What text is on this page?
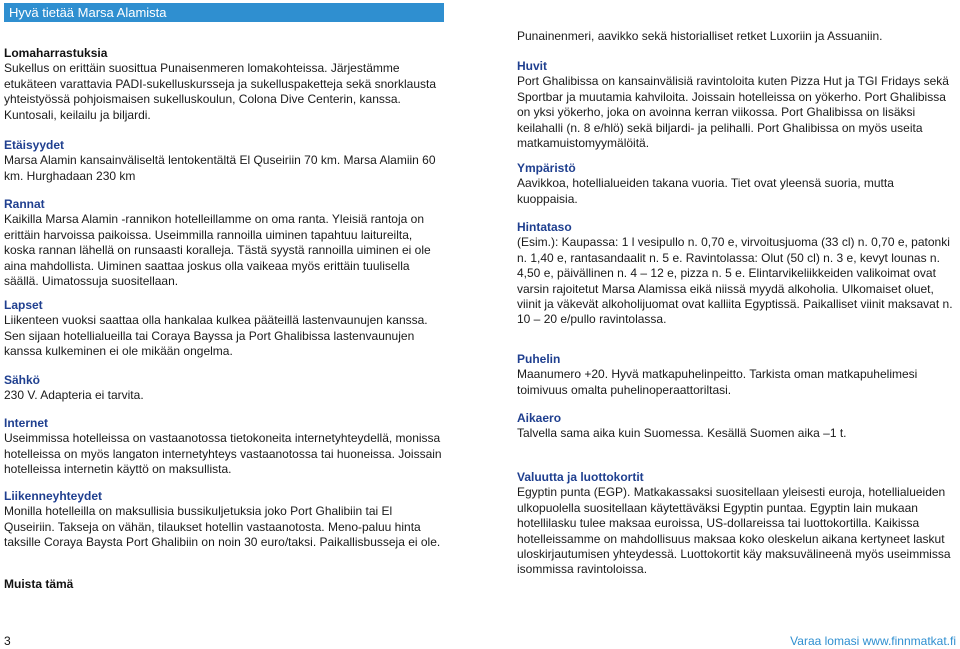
Hyvä tietää Marsa Alamista
Lomaharrastuksia

Sukellus on erittäin suosittua Punaisenmeren lomakohteissa. Järjestämme etukäteen varattavia PADI-sukelluskursseja ja sukelluspaketteja sekä snorklausta yhteistyössä pohjoismaisen sukelluskoulun, Colona Dive Centerin, kanssa. Kuntosali, keilailu ja biljardi.

Etäisyydet

Marsa Alamin kansainväliseltä lentokentältä El Quseiriin 70 km. Marsa Alamiin 60 km. Hurghadaan 230 km

Rannat

Kaikilla Marsa Alamin -rannikon hotelleillamme on oma ranta. Yleisiä rantoja on erittäin harvoissa paikoissa. Useimmilla rannoilla uiminen tapahtuu laitureilta, koska rannan lähellä on runsaasti koralleja. Tästä syystä rannoilla uiminen ei ole aina mahdollista. Uiminen saattaa joskus olla vaikeaa myös erittäin tuulisella säällä. Uimatossuja suositellaan.

Lapset

Liikenteen vuoksi saattaa olla hankalaa kulkea pääteillä lastenvaunujen kanssa. Sen sijaan hotellialueilla tai Coraya Bayssa ja Port Ghalibissa lastenvaunujen kanssa kulkeminen ei ole mikään ongelma.

Sähkö

230 V. Adapteria ei tarvita.

Internet

Useimmissa hotelleissa on vastaanotossa tietokoneita internetyhteydellä, monissa hotelleissa on myös langaton internetyhteys vastaanotossa tai huoneissa. Joissain hotelleissa internetin käyttö on maksullista.

Liikenneyhteydet

Monilla hotelleilla on maksullisia bussikuljetuksia joko Port Ghalibiin tai El Quseiriin. Takseja on vähän, tilaukset hotellin vastaanotosta. Meno-paluu hinta taksille Coraya Baysta Port Ghalibiin on noin 30 euro/taksi. Paikallisbusseja ei ole.

Muista tämä

Punainenmeri, aavikko sekä historialliset retket Luxoriin ja Assuaniin.

Huvit

Port Ghalibissa on kansainvälisiä ravintoloita kuten Pizza Hut ja TGI Fridays sekä Sportbar ja muutamia kahviloita. Joissain hotelleissa on yökerho. Port Ghalibissa on yksi yökerho, joka on avoinna kerran viikossa. Port Ghalibissa on lisäksi keilahalli (n. 8 e/hlö) sekä biljardi- ja pelihalli. Port Ghalibissa on myös useita matkamuistomyymälöitä.

Ympäristö

Aavikkoa, hotellialueiden takana vuoria. Tiet ovat yleensä suoria, mutta kuoppaisia.

Hintataso

(Esim.): Kaupassa: 1 l vesipullo n. 0,70 e, virvoitusjuoma (33 cl) n. 0,70 e, patonki n. 1,40 e, rantasandaalit n. 5 e. Ravintolassa: Olut (50 cl) n. 3 e, kevyt lounas n. 4,50 e, päivällinen n. 4 – 12 e, pizza n. 5 e. Elintarvikeliikkeiden valikoimat ovat varsin rajoitetut Marsa Alamissa eikä niissä myydä alkoholia. Ulkomaiset oluet, viinit ja väkevät alkoholijuomat ovat kalliita Egyptissä. Paikalliset viinit maksavat n. 10 – 20 e/pullo ravintolassa.

Puhelin

Maanumero +20. Hyvä matkapuhelinpeitto. Tarkista oman matkapuhelimesi toimivuus omalta puhelinoperaattoriltasi.

Aikaero

Talvella sama aika kuin Suomessa. Kesällä Suomen aika –1 t.

Valuutta ja luottokortit

Egyptin punta (EGP). Matkakassaksi suositellaan yleisesti euroja, hotellialueiden ulkopuolella suositellaan käytettäväksi Egyptin puntaa. Egyptin lain mukaan hotellilasku tulee maksaa euroissa, US-dollareissa tai luottokortilla. Kaikissa hotelleissamme on mahdollisuus maksaa koko oleskelun aikana kertyneet laskut uloskirjautumisen yhteydessä. Luottokortit käy maksuvälineenä myös useimmissa isommissa ravintoloissa.

3	Varaa lomasi www.finnmatkat.fi
